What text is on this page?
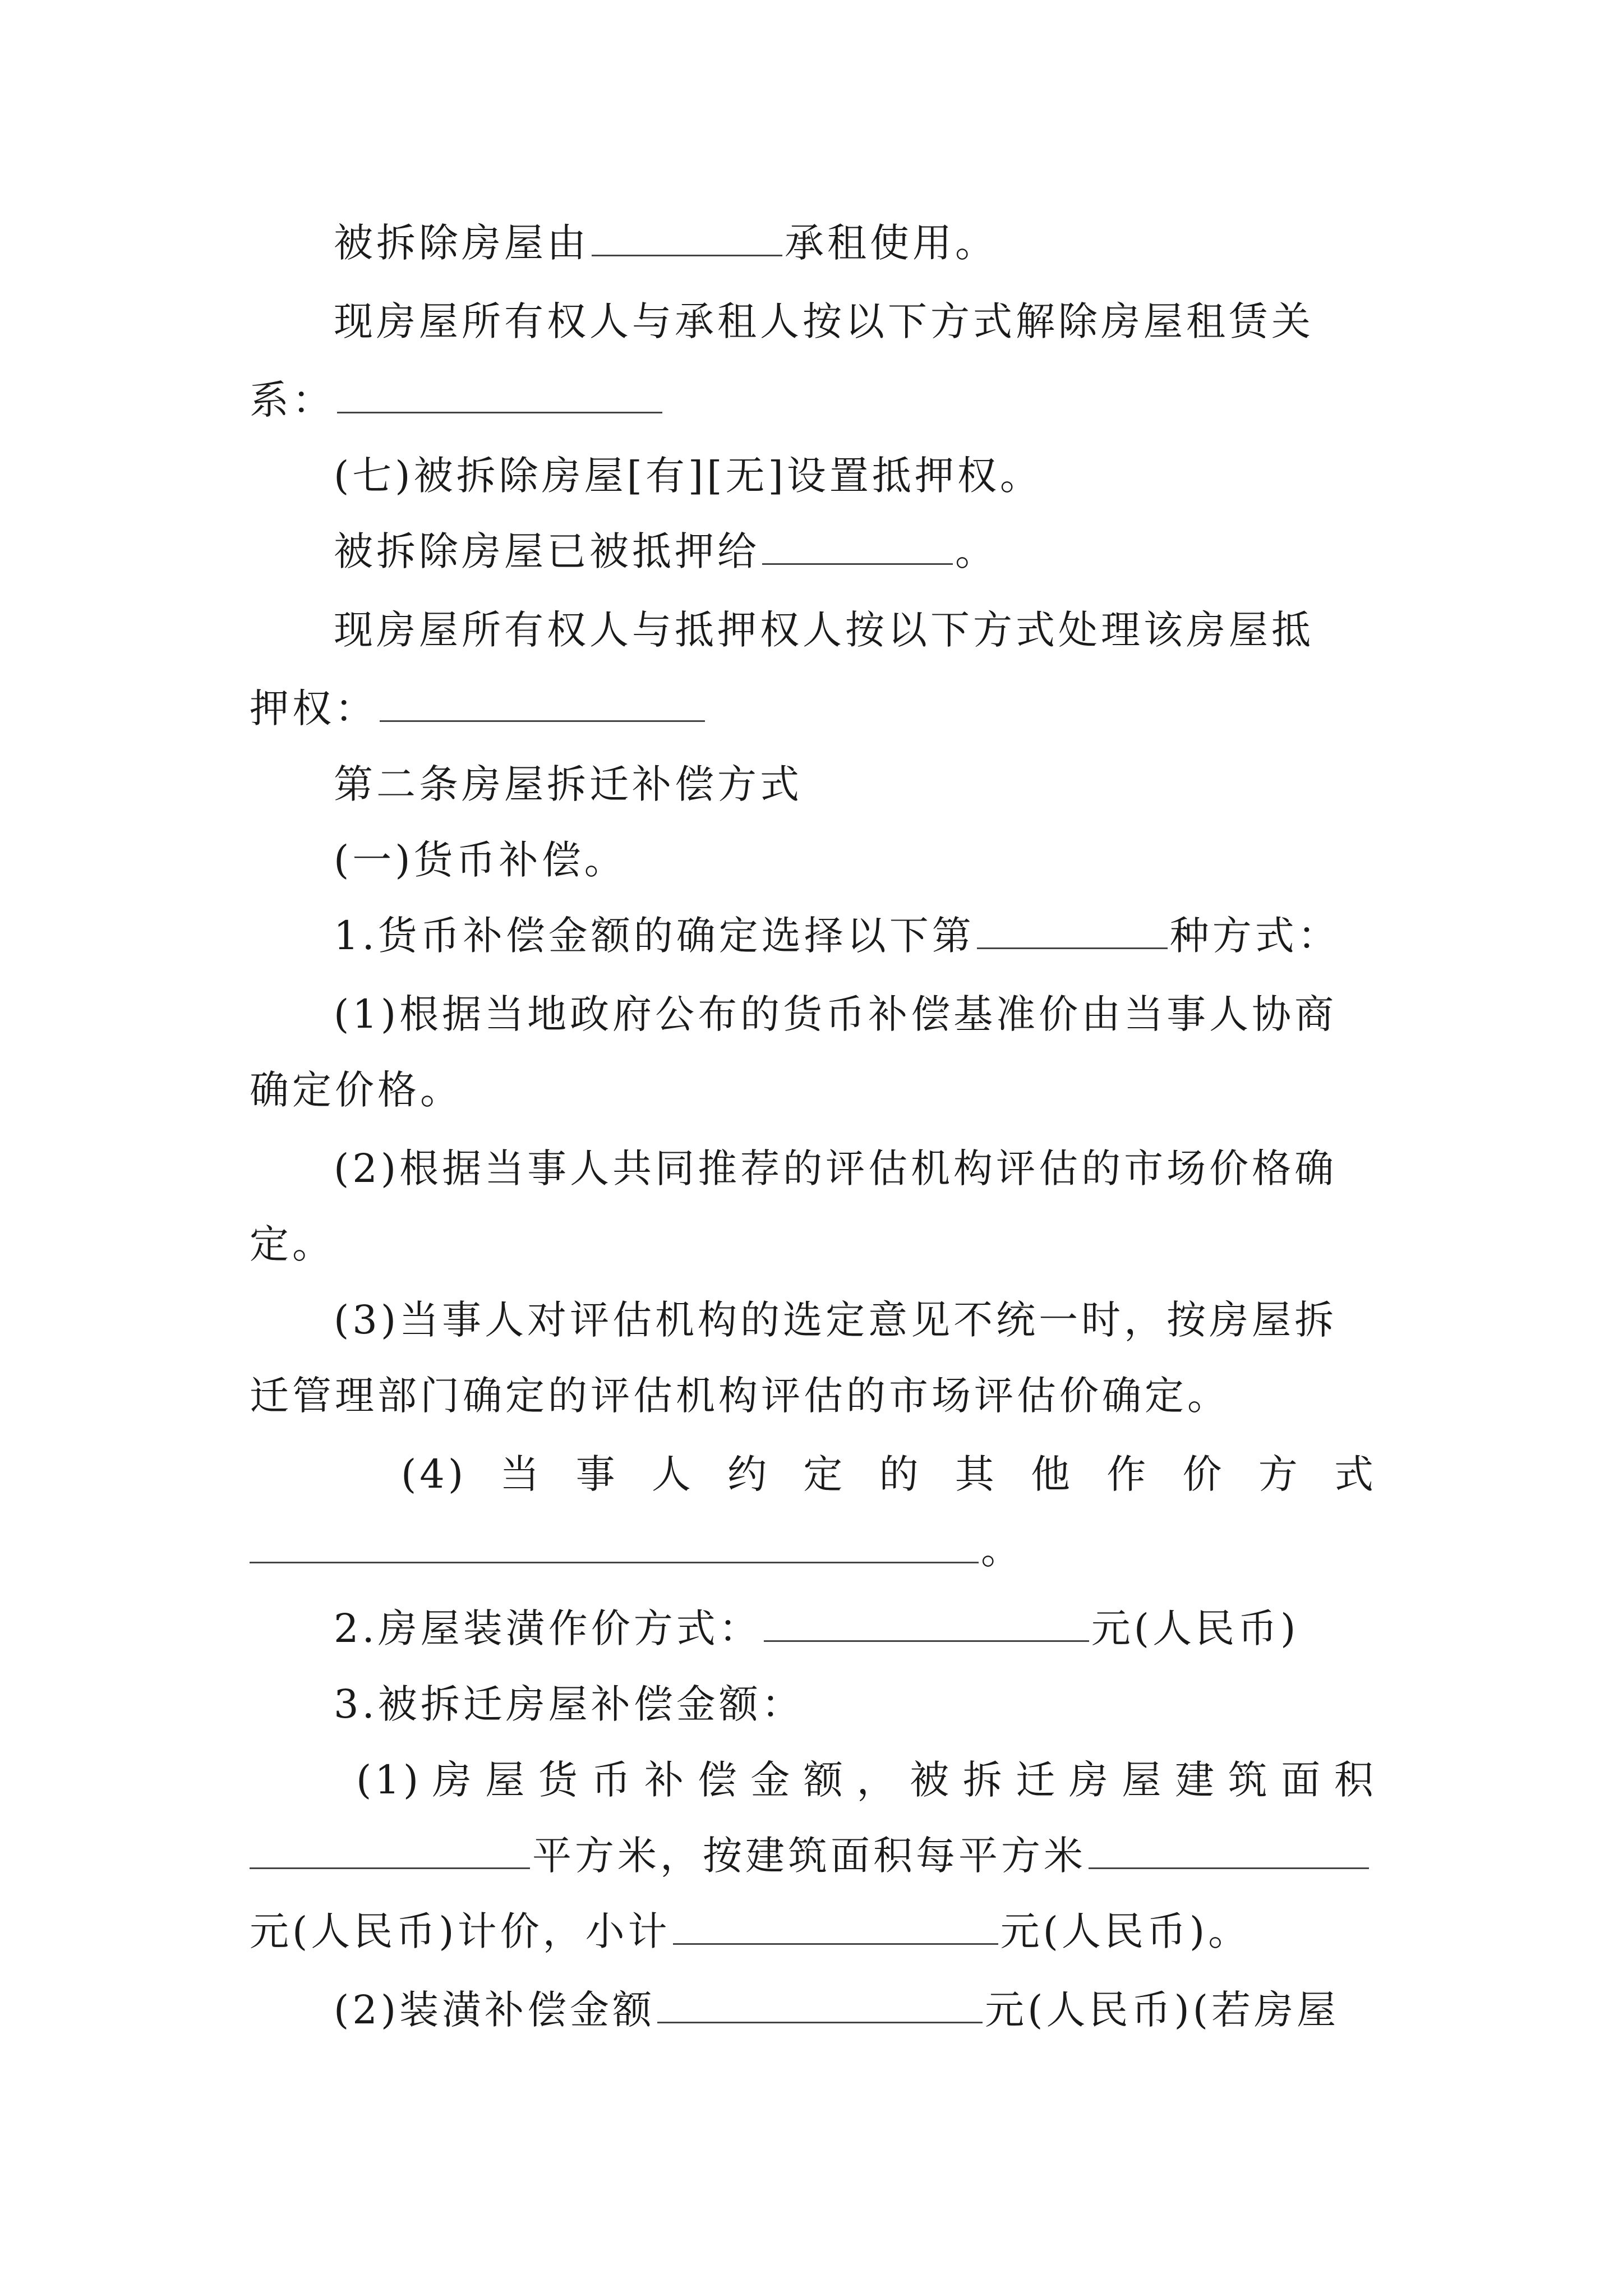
被拆除房屋由	承租使用。
现房屋所有权人与承租人按以下方式解除房屋租赁关
系：
(七)被拆除房屋[有][无]设置抵押权。
被拆除房屋已被抵押给	。
现房屋所有权人与抵押权人按以下方式处理该房屋抵
押权：
第二条房屋拆迁补偿方式
(一)货币补偿。
1.货币补偿金额的确定选择以下第	种方式：
(1)根据当地政府公布的货币补偿基准价由当事人协商
确定价格。
(2)根据当事人共同推荐的评估机构评估的市场价格确
定。
(3)当事人对评估机构的选定意见不统一时，按房屋拆
迁管理部门确定的评估机构评估的市场评估价确定。
(4) 当 事 人 约 定 的 其 他 作 价 方 式
。
2.房屋装潢作价方式：	元(人民币)
3.被拆迁房屋补偿金额：
(1) 房 屋 货 币 补 偿 金 额 ， 被 拆 迁 房 屋 建 筑 面 积
平方米，按建筑面积每平方米
元(人民币)计价，小计	元(人民币)。
(2)装潢补偿金额	元(人民币)(若房屋
